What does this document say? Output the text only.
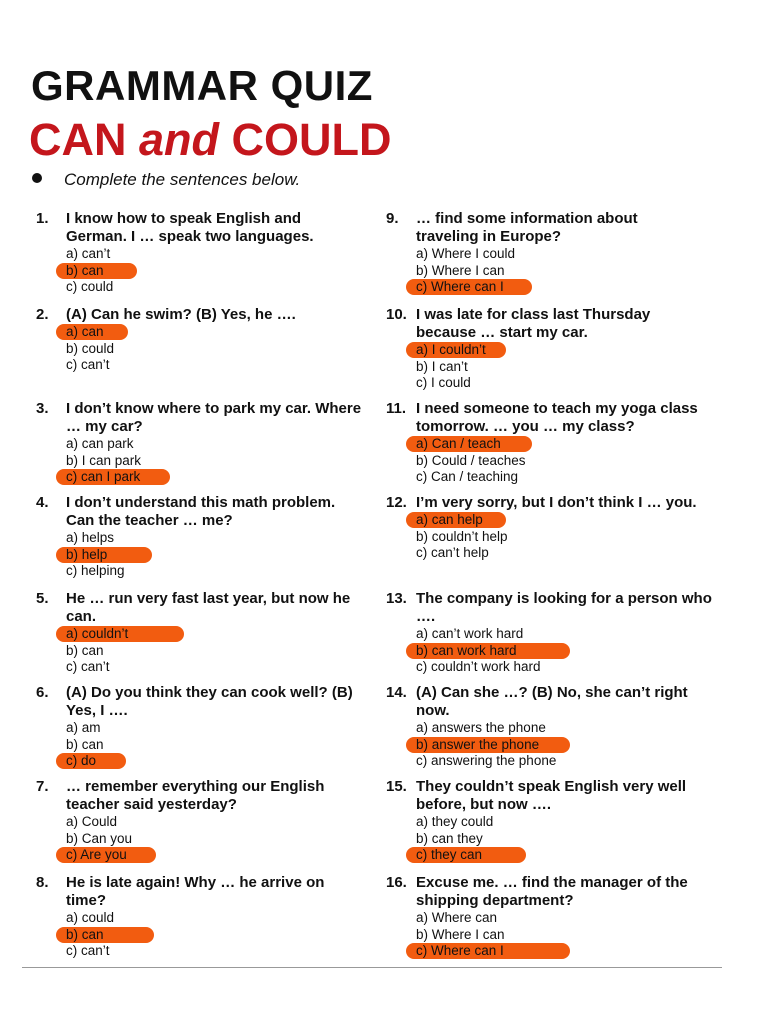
GRAMMAR QUIZ
CAN and COULD
Complete the sentences below.
1. I know how to speak English and German. I … speak two languages.

a) can’t
b) can
c) could
2. (A) Can he swim? (B) Yes, he ….

a) can
b) could
c) can’t
3. I don’t know where to park my car. Where … my car?

a) can park
b) I can park
c) can I park
4. I don’t understand this math problem. Can the teacher … me?

a) helps
b) help
c) helping
5. He … run very fast last year, but now he can.

a) couldn’t
b) can
c) can’t
6. (A) Do you think they can cook well? (B) Yes, I ….

a) am
b) can
c) do
7. … remember everything our English teacher said yesterday?

a) Could
b) Can you
c) Are you
8. He is late again! Why … he arrive on time?

a) could
b) can
c) can’t
9. … find some information about traveling in Europe?

a) Where I could
b) Where I can
c) Where can I
10. I was late for class last Thursday because … start my car.

a) I couldn’t
b) I can’t
c) I could
11. I need someone to teach my yoga class tomorrow. … you … my class?

a) Can / teach
b) Could / teaches
c) Can / teaching
12. I’m very sorry, but I don’t think I … you.

a) can help
b) couldn’t help
c) can’t help
13. The company is looking for a person who ….

a) can’t work hard
b) can work hard
c) couldn’t work hard
14. (A) Can she …? (B) No, she can’t right now.

a) answers the phone
b) answer the phone
c) answering the phone
15. They couldn’t speak English very well before, but now ….

a) they could
b) can they
c) they can
16. Excuse me. … find the manager of the shipping department?

a) Where can
b) Where I can
c) Where can I
